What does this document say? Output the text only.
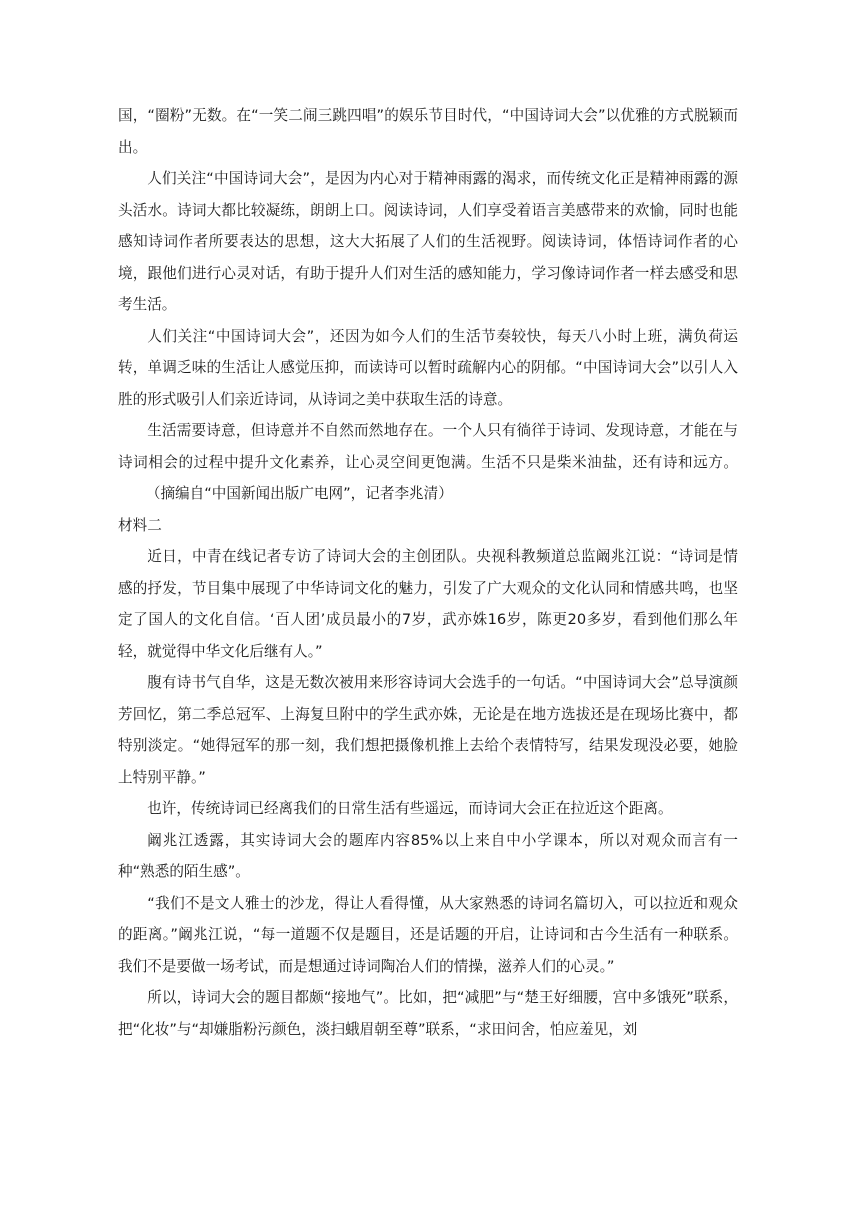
国，“圈粉”无数。在“一笑二闹三跳四唱”的娱乐节目时代，“中国诗词大会”以优雅的方式脱颖而出。

人们关注“中国诗词大会”，是因为内心对于精神雨露的渴求，而传统文化正是精神雨露的源头活水。诗词大都比较凝练，朗朗上口。阅读诗词，人们享受着语言美感带来的欢愉，同时也能感知诗词作者所要表达的思想，这大大拓展了人们的生活视野。阅读诗词，体悟诗词作者的心境，跟他们进行心灵对话，有助于提升人们对生活的感知能力，学习像诗词作者一样去感受和思考生活。

人们关注“中国诗词大会”，还因为如今人们的生活节奏较快，每天八小时上班，满负荷运转，单调乏味的生活让人感觉压抑，而读诗可以暂时疏解内心的阴郁。“中国诗词大会”以引人入胜的形式吸引人们亲近诗词，从诗词之美中获取生活的诗意。

生活需要诗意，但诗意并不自然而然地存在。一个人只有徜徉于诗词、发现诗意，才能在与诗词相会的过程中提升文化素养，让心灵空间更饱满。生活不只是柴米油盐，还有诗和远方。      （摘编自“中国新闻出版广电网”，记者李兆清）

材料二

近日，中青在线记者专访了诗词大会的主创团队。央视科教频道总监阚兆江说：“诗词是情感的抒发，节目集中展现了中华诗词文化的魅力，引发了广大观众的文化认同和情感共鸣，也坚定了国人的文化自信。‘百人团’成员最小的7岁，武亦姝16岁，陈更20多岁，看到他们那么年轻，就觉得中华文化后继有人。”

腹有诗书气自华，这是无数次被用来形容诗词大会选手的一句话。“中国诗词大会”总导演颜芳回忆，第二季总冠军、上海复旦附中的学生武亦姝，无论是在地方选拔还是在现场比赛中，都特别淡定。“她得冠军的那一刻，我们想把摄像机推上去给个表情特写，结果发现没必要，她脸上特别平静。”

也许，传统诗词已经离我们的日常生活有些遥远，而诗词大会正在拉近这个距离。

阚兆江透露，其实诗词大会的题库内容85%以上来自中小学课本，所以对观众而言有一种“熟悉的陌生感”。

“我们不是文人雅士的沙龙，得让人看得懂，从大家熟悉的诗词名篇切入，可以拉近和观众的距离。”阚兆江说，“每一道题不仅是题目，还是话题的开启，让诗词和古今生活有一种联系。我们不是要做一场考试，而是想通过诗词陶冶人们的情操，滋养人们的心灵。”

所以，诗词大会的题目都颇“接地气”。比如，把“减肥”与“楚王好细腰，宫中多饿死”联系，把“化妆”与“却嫌脂粉污颜色，淡扫蛾眉朝至尊”联系，“求田问舍，怕应羞见，刘
